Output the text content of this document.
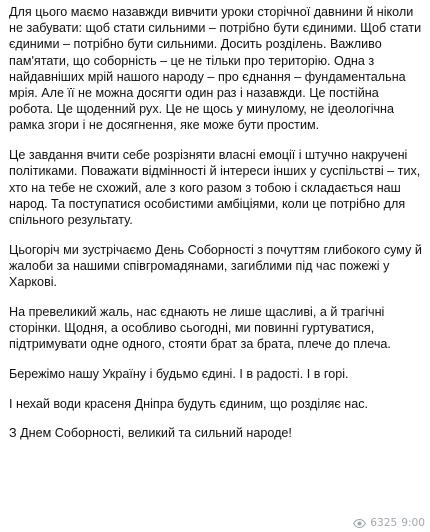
Для цього маємо назавжди вивчити уроки сторічної давнини й ніколи не забувати: щоб стати сильними – потрібно бути єдиними. Щоб стати єдиними – потрібно бути сильними. Досить розділень. Важливо пам'ятати, що соборність – це не тільки про територію. Одна з найдавніших мрій нашого народу – про єднання – фундаментальна мрія. Але її не можна досягти один раз і назавжди. Це постійна робота. Це щоденний рух. Це не щось у минулому, не ідеологічна рамка згори і не досягнення, яке може бути простим.

Це завдання вчити себе розрізняти власні емоції і штучно накручені політиками. Поважати відмінності й інтереси інших у суспільстві – тих, хто на тебе не схожий, але з кого разом з тобою і складається наш народ. Та поступатися особистими амбіціями, коли це потрібно для спільного результату.

Цьогоріч ми зустрічаємо День Соборності з почуттям глибокого суму й жалоби за нашими співгромадянами, загиблими під час пожежі у Харкові.

На превеликий жаль, нас єднають не лише щасливі, а й трагічні сторінки. Щодня, а особливо сьогодні, ми повинні гуртуватися, підтримувати одне одного, стояти брат за брата, плече до плеча.

Бережімо нашу Україну і будьмо єдині. І в радості. І в горі.

І нехай води красеня Дніпра будуть єдиним, що розділяє нас.

З Днем Соборності, великий та сильний народе!

6325 9:00
